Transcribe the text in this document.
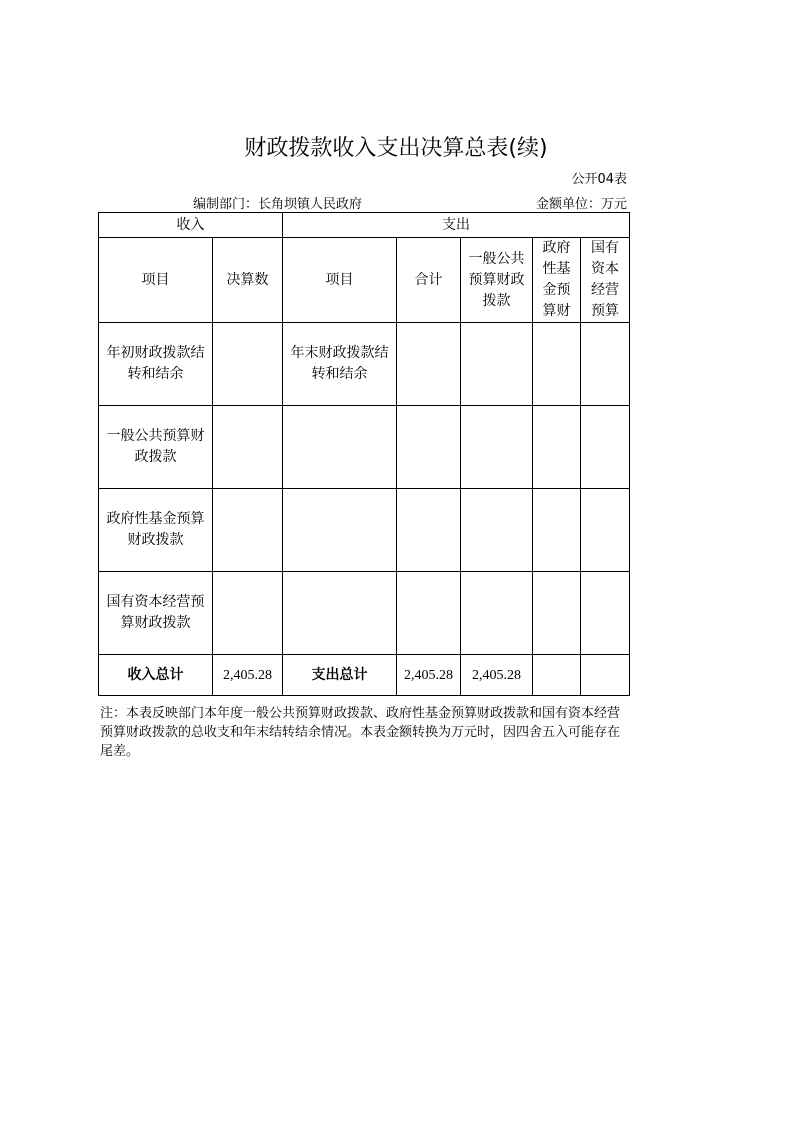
财政拨款收入支出决算总表(续)
公开04表
编制部门：长角坝镇人民政府	金额单位：万元
收入		支出				
项目	决算数	项目	合计	一般公共预算财政拨款	政府性基金预算财	国有资本经营预算
年初财政拨款结转和结余		年末财政拨款结转和结余				
一般公共预算财政拨款						
政府性基金预算财政拨款						
国有资本经营预算财政拨款						
收入总计	2,405.28	支出总计	2,405.28	2,405.28		
注：本表反映部门本年度一般公共预算财政拨款、政府性基金预算财政拨款和国有资本经营预算财政拨款的总收支和年末结转结余情况。本表金额转换为万元时，因四舍五入可能存在尾差。
